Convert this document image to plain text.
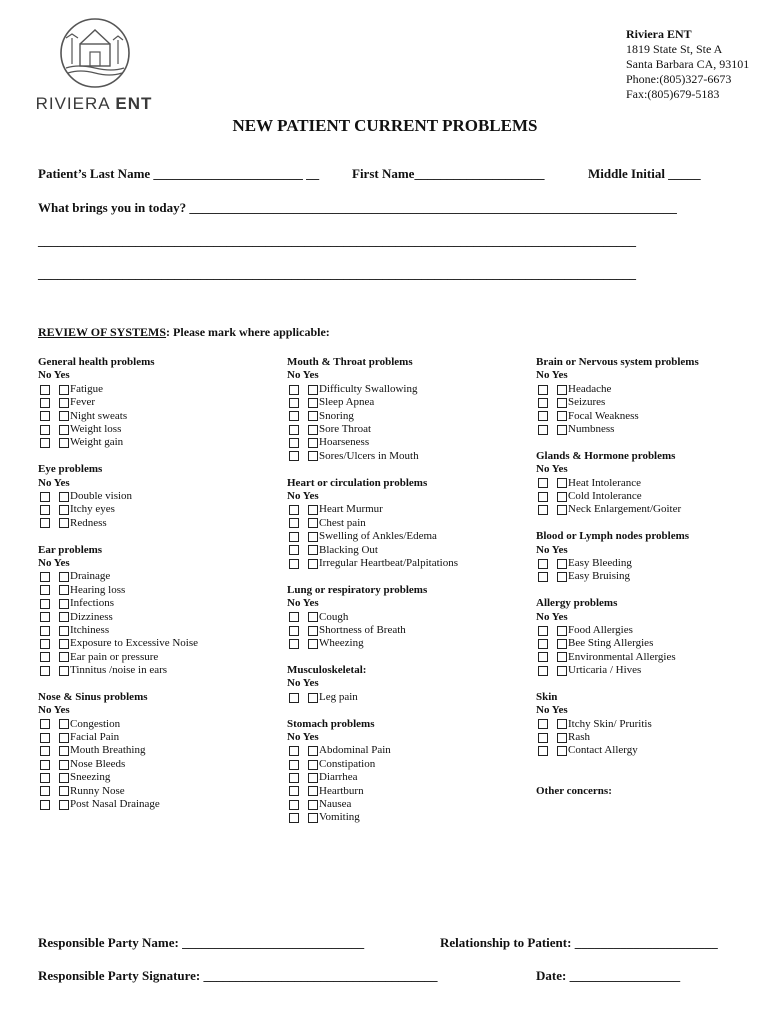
RIVIERA ENT
Riviera ENT
1819 State St, Ste A
Santa Barbara CA, 93101
Phone:(805)327-6673
Fax:(805)679-5183
NEW PATIENT CURRENT PROBLEMS
Patient’s Last Name _______________________ __	First Name____________________	Middle Initial _____
What brings you in today? ___________________________________________________________________________
____________________________________________________________________________________________
____________________________________________________________________________________________
REVIEW OF SYSTEMS: Please mark where applicable:
General health problems
No Yes
Fatigue
Fever
Night sweats
Weight loss
Weight gain
Eye problems
No Yes
Double vision
Itchy eyes
Redness
Ear problems
No Yes
Drainage
Hearing loss
Infections
Dizziness
Itchiness
Exposure to Excessive Noise
Ear pain or pressure
Tinnitus /noise in ears
Nose & Sinus problems
No Yes
Congestion
Facial Pain
Mouth Breathing
Nose Bleeds
Sneezing
Runny Nose
Post Nasal Drainage
Mouth & Throat problems
No Yes
Difficulty Swallowing
Sleep Apnea
Snoring
Sore Throat
Hoarseness
Sores/Ulcers in Mouth
Heart or circulation problems
No Yes
Heart Murmur
Chest pain
Swelling of Ankles/Edema
Blacking Out
Irregular Heartbeat/Palpitations
Lung or respiratory problems
No Yes
Cough
Shortness of Breath
Wheezing
Musculoskeletal:
No Yes
Leg pain
Stomach problems
No Yes
Abdominal Pain
Constipation
Diarrhea
Heartburn
Nausea
Vomiting
Brain or Nervous system problems
No Yes
Headache
Seizures
Focal Weakness
Numbness
Glands & Hormone problems
No Yes
Heat Intolerance
Cold Intolerance
Neck Enlargement/Goiter
Blood or Lymph nodes problems
No Yes
Easy Bleeding
Easy Bruising
Allergy problems
No Yes
Food Allergies
Bee Sting Allergies
Environmental Allergies
Urticaria / Hives
Skin
No Yes
Itchy Skin/ Pruritis
Rash
Contact Allergy
Other concerns:
Responsible Party Name: ____________________________	Relationship to Patient: ______________________
Responsible Party Signature: ____________________________________	Date: _________________
